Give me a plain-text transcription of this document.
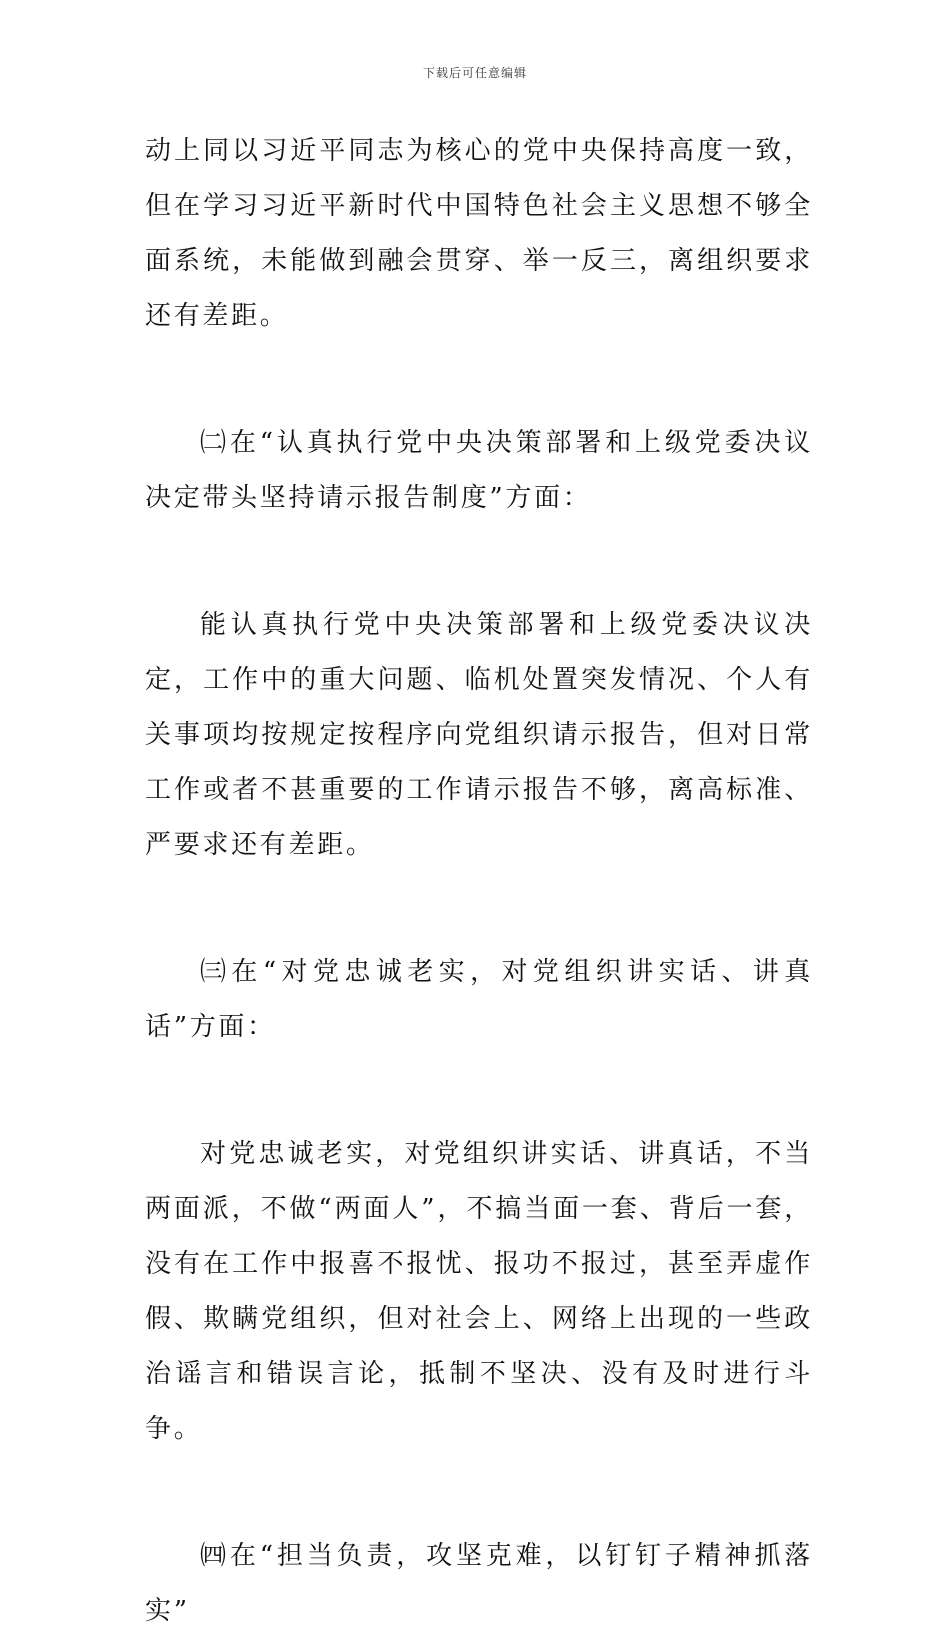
下载后可任意编辑

动上同以习近平同志为核心的党中央保持高度一致，但在学习习近平新时代中国特色社会主义思想不够全面系统，未能做到融会贯穿、举一反三，离组织要求还有差距。

㈡在“认真执行党中央决策部署和上级党委决议决定带头坚持请示报告制度”方面：

能认真执行党中央决策部署和上级党委决议决定，工作中的重大问题、临机处置突发情况、个人有关事项均按规定按程序向党组织请示报告，但对日常工作或者不甚重要的工作请示报告不够，离高标准、严要求还有差距。

㈢在“对党忠诚老实，对党组织讲实话、讲真话”方面：

对党忠诚老实，对党组织讲实话、讲真话，不当两面派，不做“两面人”，不搞当面一套、背后一套，没有在工作中报喜不报忧、报功不报过，甚至弄虚作假、欺瞒党组织，但对社会上、网络上出现的一些政治谣言和错误言论，抵制不坚决、没有及时进行斗争。

㈣在“担当负责，攻坚克难，以钉钉子精神抓落实”
